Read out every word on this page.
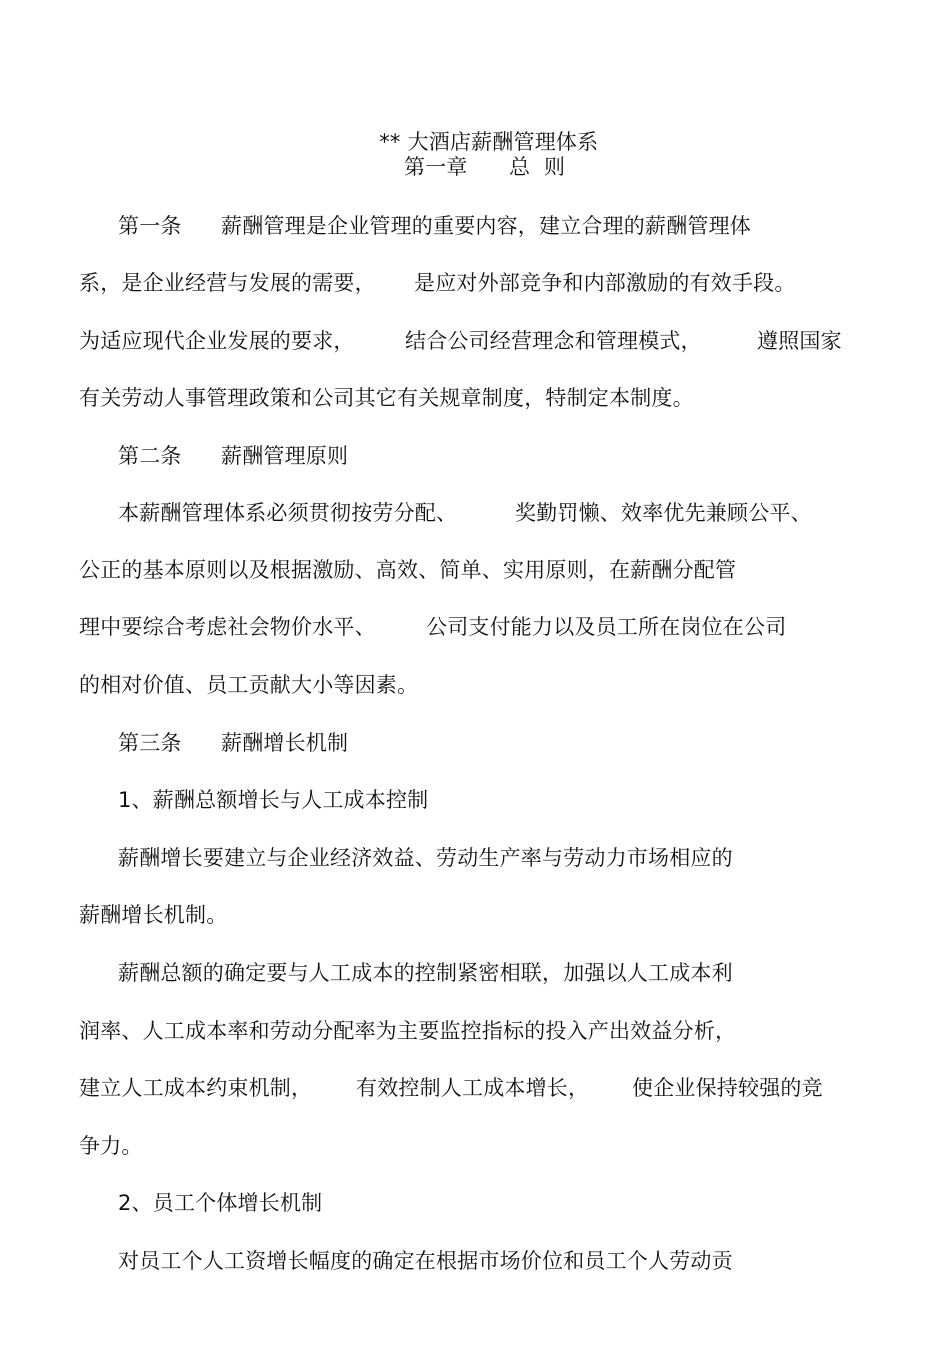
** 大酒店薪酬管理体系

第一章

总  则

第一条

薪酬管理是企业管理的重要内容，建立合理的薪酬管理体

系，是企业经营与发展的需要，

是应对外部竞争和内部激励的有效手段。

为适应现代企业发展的要求，

结合公司经营理念和管理模式，

	遵照国家

有关劳动人事管理政策和公司其它有关规章制度，特制定本制度。

第二条

薪酬管理原则

本薪酬管理体系必须贯彻按劳分配、

	奖勤罚懒、效率优先兼顾公平、

公正的基本原则以及根据激励、高效、简单、实用原则，在薪酬分配管

理中要综合考虑社会物价水平、

公司支付能力以及员工所在岗位在公司

的相对价值、员工贡献大小等因素。

第三条

薪酬增长机制

1、薪酬总额增长与人工成本控制

薪酬增长要建立与企业经济效益、劳动生产率与劳动力市场相应的

薪酬增长机制。

薪酬总额的确定要与人工成本的控制紧密相联，加强以人工成本利

润率、人工成本率和劳动分配率为主要监控指标的投入产出效益分析，

建立人工成本约束机制，

有效控制人工成本增长，

使企业保持较强的竞

争力。

2、员工个体增长机制

对员工个人工资增长幅度的确定在根据市场价位和员工个人劳动贡
